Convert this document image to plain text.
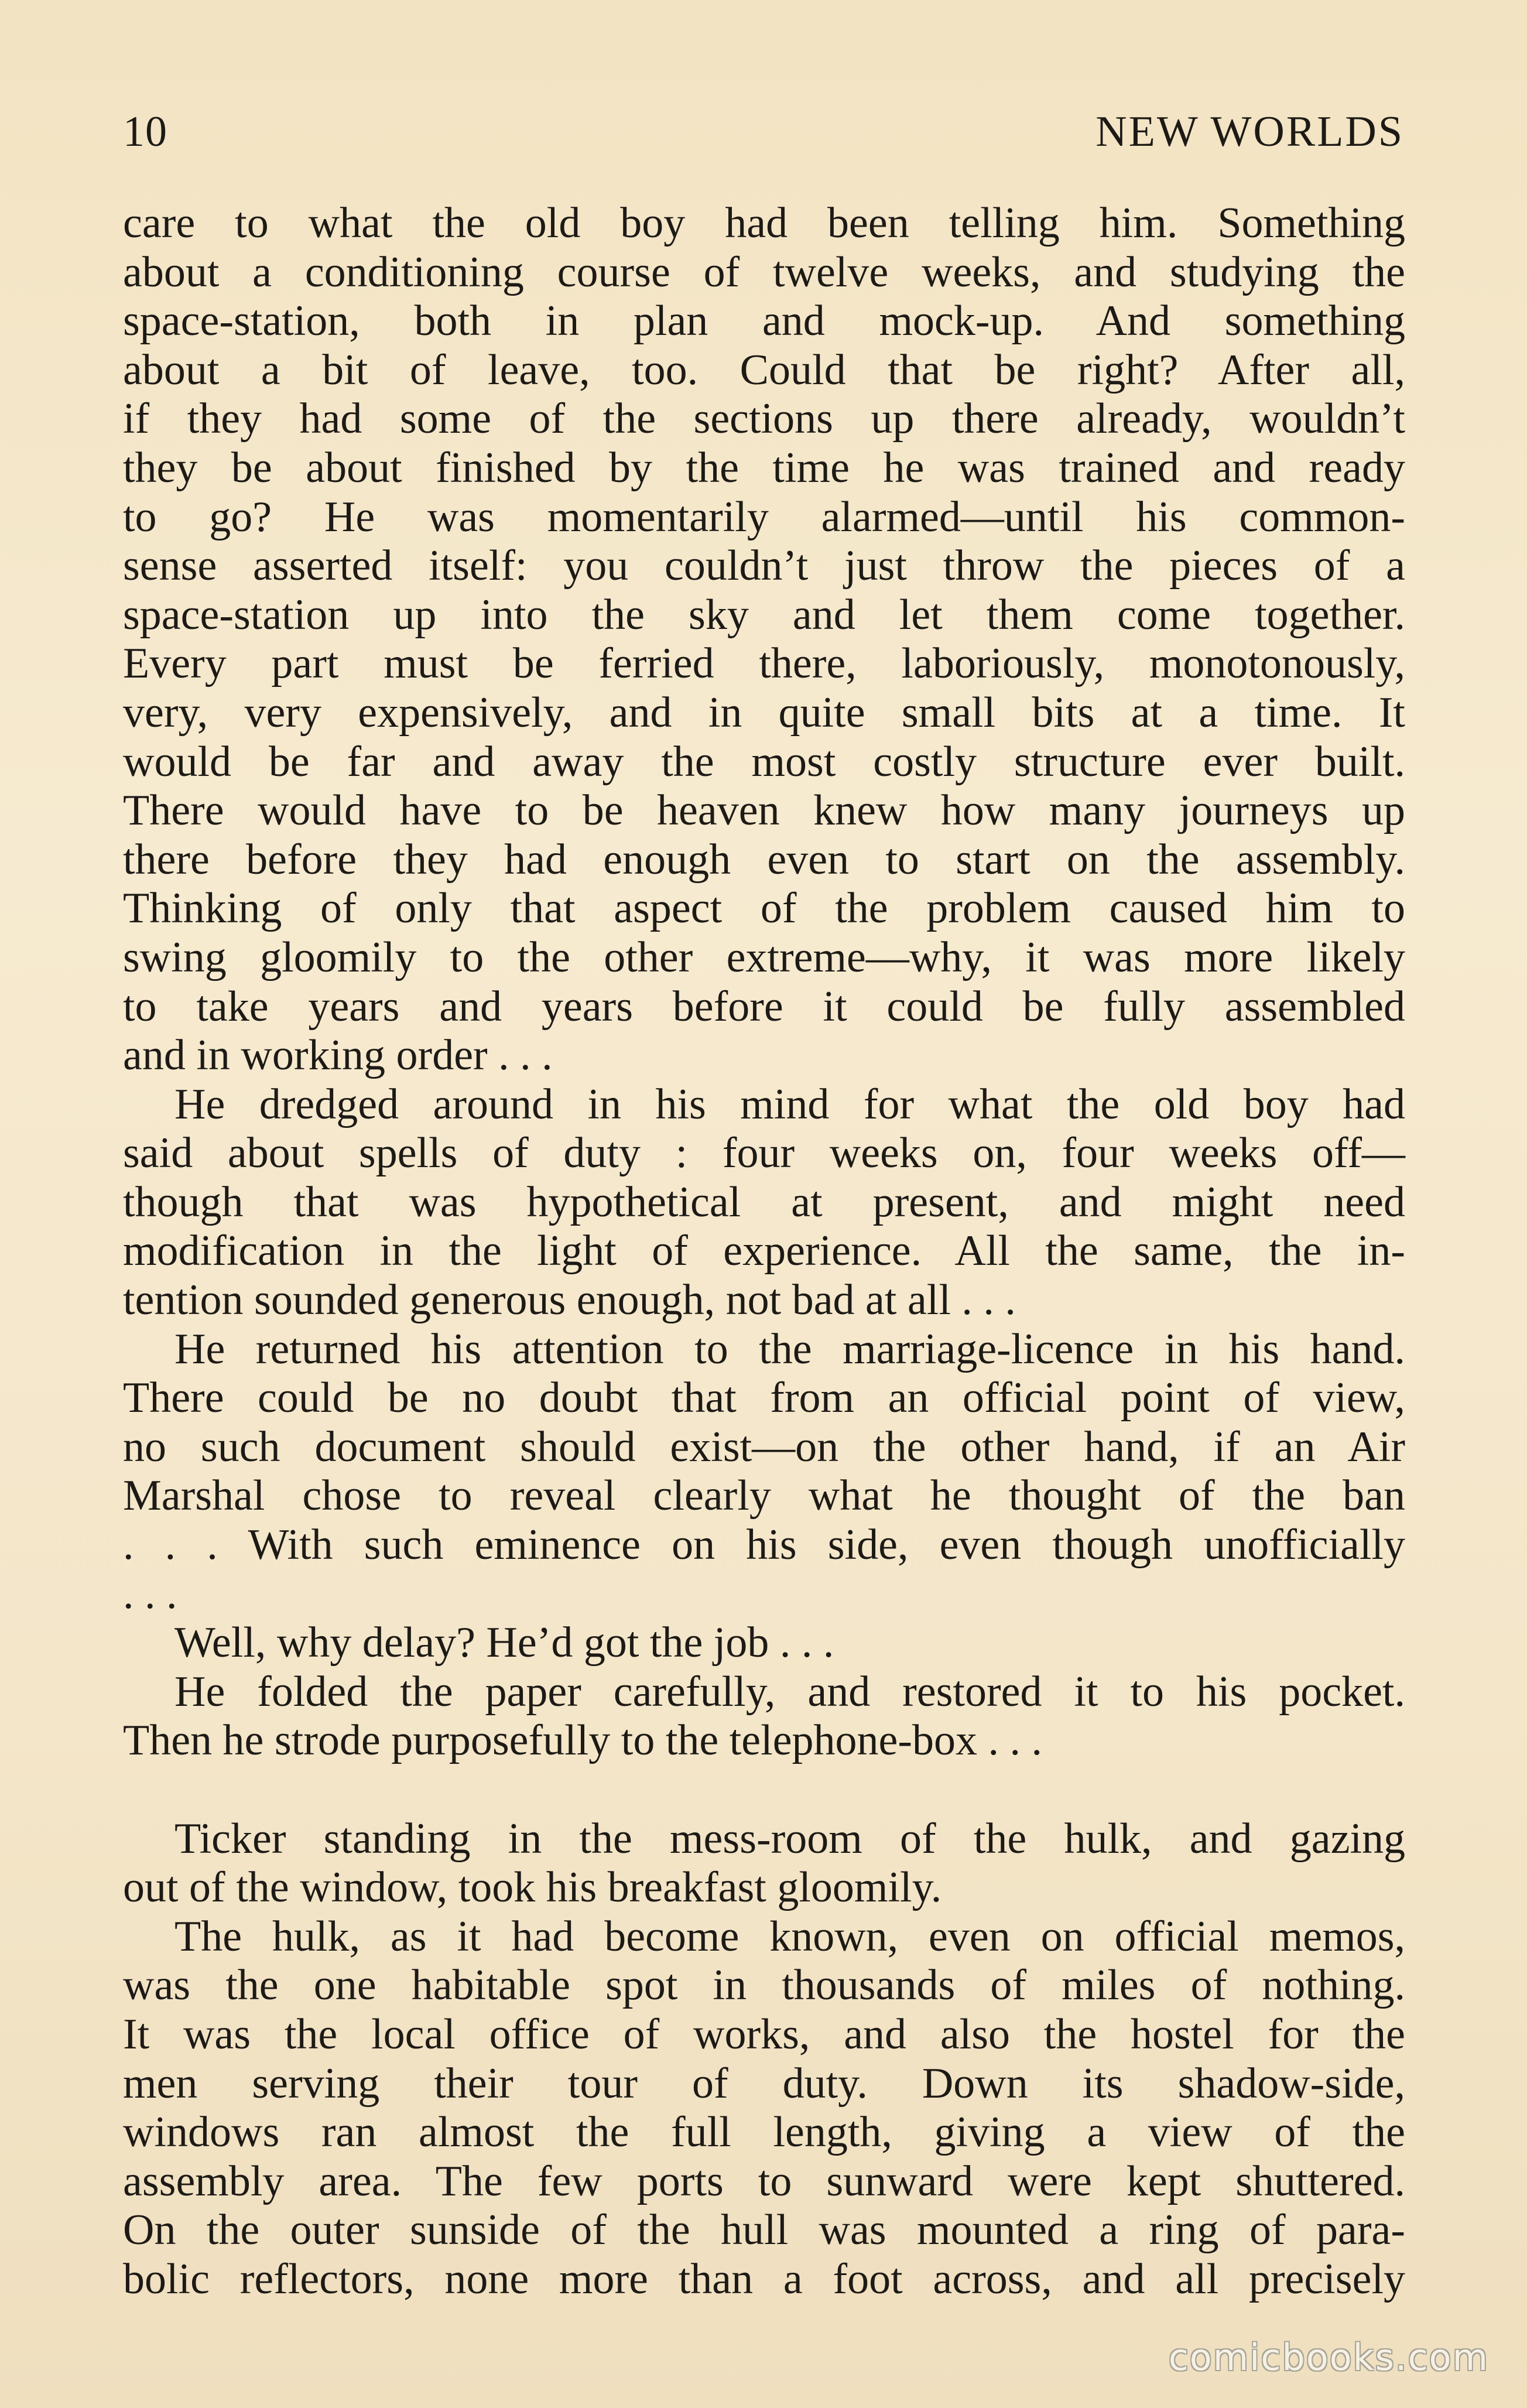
10	NEW WORLDS
care to what the old boy had been telling him. Something
about a conditioning course of twelve weeks, and studying the
space-station, both in plan and mock-up. And something
about a bit of leave, too. Could that be right? After all,
if they had some of the sections up there already, wouldn’t
they be about finished by the time he was trained and ready
to go? He was momentarily alarmed—until his common-
sense asserted itself: you couldn’t just throw the pieces of a
space-station up into the sky and let them come together.
Every part must be ferried there, laboriously, monotonously,
very, very expensively, and in quite small bits at a time. It
would be far and away the most costly structure ever built.
There would have to be heaven knew how many journeys up
there before they had enough even to start on the assembly.
Thinking of only that aspect of the problem caused him to
swing gloomily to the other extreme—why, it was more likely
to take years and years before it could be fully assembled
and in working order . . .
He dredged around in his mind for what the old boy had
said about spells of duty : four weeks on, four weeks off—
though that was hypothetical at present, and might need
modification in the light of experience. All the same, the in-
tention sounded generous enough, not bad at all . . .
He returned his attention to the marriage-licence in his hand.
There could be no doubt that from an official point of view,
no such document should exist—on the other hand, if an Air
Marshal chose to reveal clearly what he thought of the ban
. . . With such eminence on his side, even though unofficially
. . .
Well, why delay? He’d got the job . . .
He folded the paper carefully, and restored it to his pocket.
Then he strode purposefully to the telephone-box . . .
Ticker standing in the mess-room of the hulk, and gazing
out of the window, took his breakfast gloomily.
The hulk, as it had become known, even on official memos,
was the one habitable spot in thousands of miles of nothing.
It was the local office of works, and also the hostel for the
men serving their tour of duty. Down its shadow-side,
windows ran almost the full length, giving a view of the
assembly area. The few ports to sunward were kept shuttered.
On the outer sunside of the hull was mounted a ring of para-
bolic reflectors, none more than a foot across, and all precisely
comicbooks.com
